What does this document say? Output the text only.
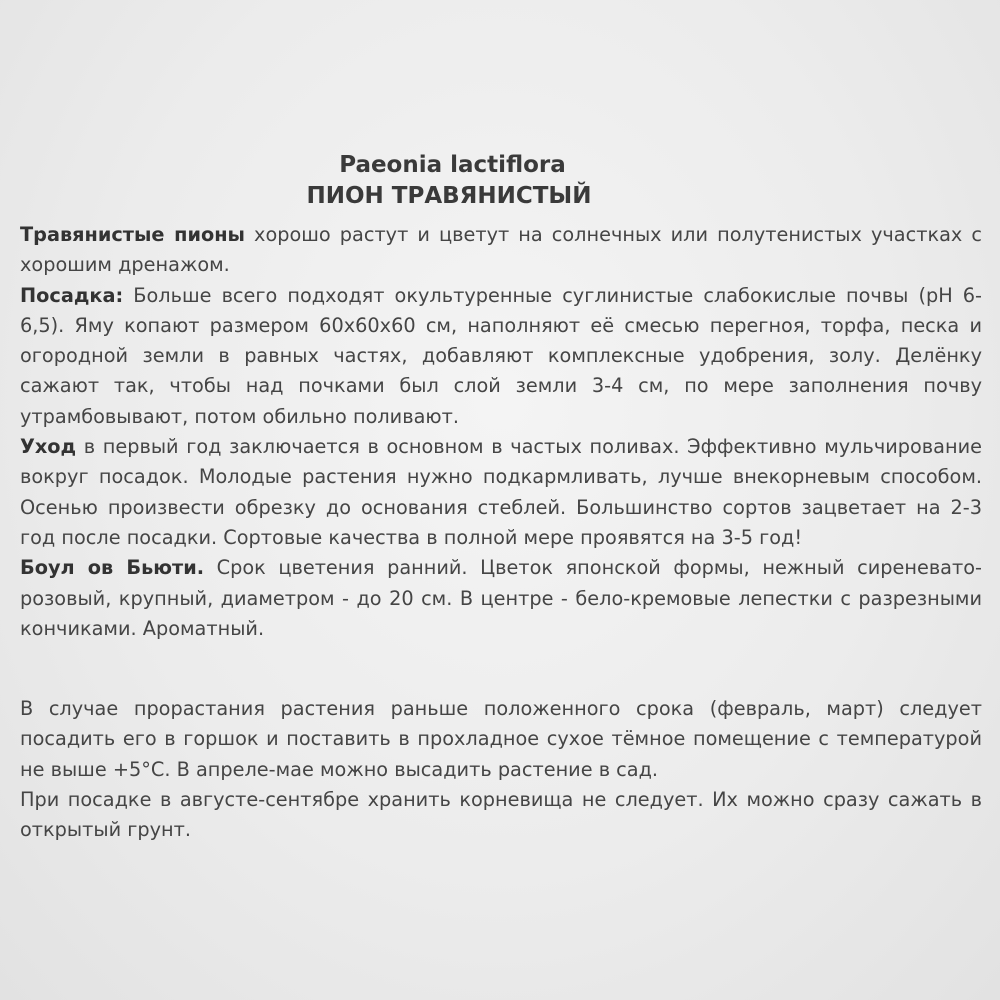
Paeonia lactiflora
ПИОН ТРАВЯНИСТЫЙ

Травянистые пионы хорошо растут и цветут на солнечных или полутенистых участках с хорошим дренажом.

Посадка: Больше всего подходят окультуренные суглинистые слабокислые почвы (рН 6-6,5). Яму копают размером 60х60х60 см, наполняют её смесью перегноя, торфа, песка и огородной земли в равных частях, добавляют комплексные удобрения, золу. Делёнку сажают так, чтобы над почками был слой земли 3-4 см, по мере заполнения почву утрамбовывают, потом обильно поливают.

Уход в первый год заключается в основном в частых поливах. Эффективно мульчирование вокруг посадок. Молодые растения нужно подкармливать, лучше внекорневым способом. Осенью произвести обрезку до основания стеблей. Большинство сортов зацветает на 2-3 год после посадки. Сортовые качества в полной мере проявятся на 3-5 год!

Боул ов Бьюти. Срок цветения ранний. Цветок японской формы, нежный сиреневато-розовый, крупный, диаметром - до 20 см. В центре - бело-кремовые лепестки с разрезными кончиками. Ароматный.

В случае прорастания растения раньше положенного срока (февраль, март) следует посадить его в горшок и поставить в прохладное сухое тёмное помещение с температурой не выше +5°С. В апреле-мае можно высадить растение в сад.

При посадке в августе-сентябре хранить корневища не следует. Их можно сразу сажать в открытый грунт.
